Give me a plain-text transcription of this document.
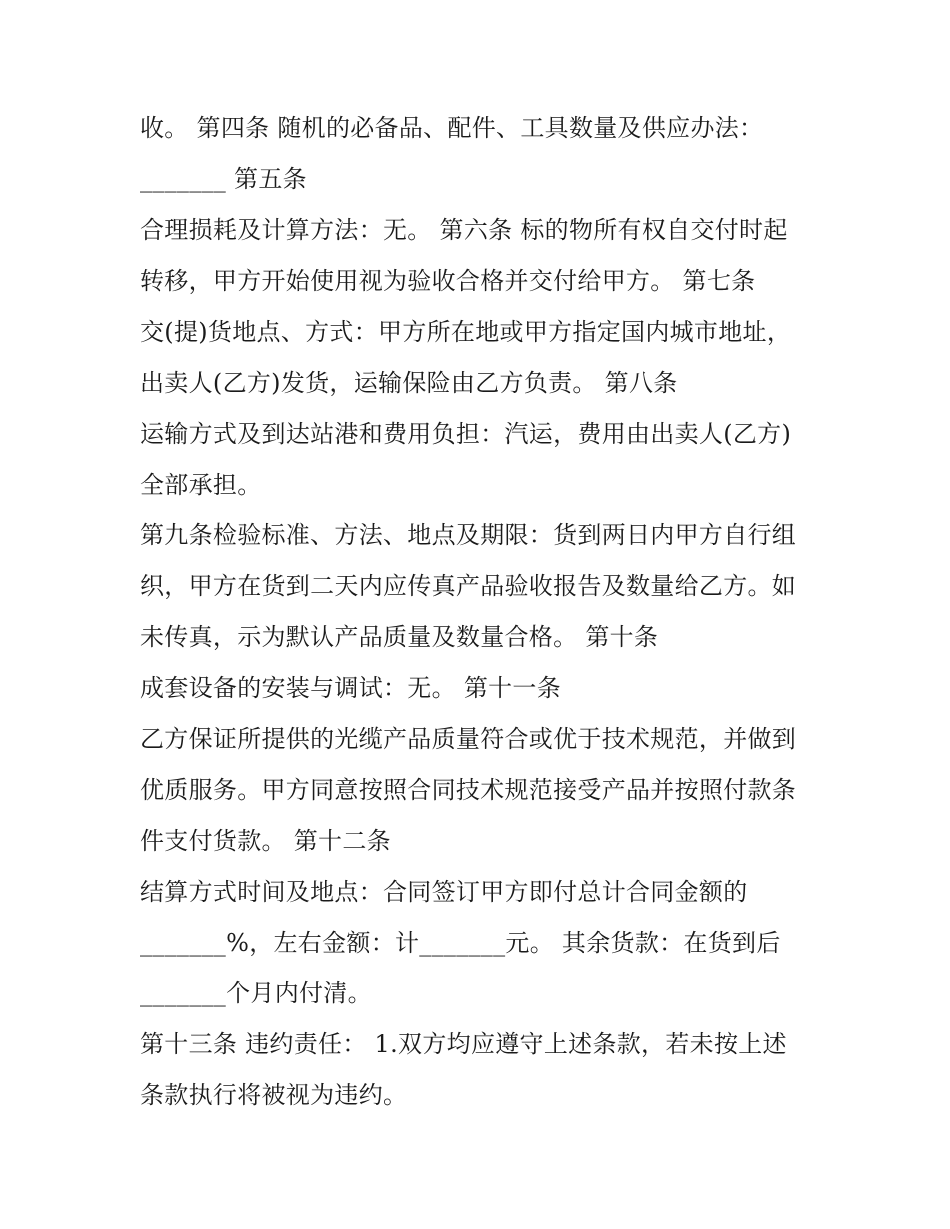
收。 第四条 随机的必备品、配件、工具数量及供应办法：
_______ 第五条
合理损耗及计算方法：无。 第六条 标的物所有权自交付时起
转移，甲方开始使用视为验收合格并交付给甲方。 第七条
交(提)货地点、方式：甲方所在地或甲方指定国内城市地址，
出卖人(乙方)发货，运输保险由乙方负责。 第八条
运输方式及到达站港和费用负担：汽运，费用由出卖人(乙方)
全部承担。
第九条检验标准、方法、地点及期限：货到两日内甲方自行组
织，甲方在货到二天内应传真产品验收报告及数量给乙方。如
未传真，示为默认产品质量及数量合格。 第十条
成套设备的安装与调试：无。 第十一条
乙方保证所提供的光缆产品质量符合或优于技术规范，并做到
优质服务。甲方同意按照合同技术规范接受产品并按照付款条
件支付货款。 第十二条
结算方式时间及地点：合同签订甲方即付总计合同金额的
_______%，左右金额：计_______元。 其余货款：在货到后
_______个月内付清。
第十三条 违约责任： 1.双方均应遵守上述条款，若未按上述
条款执行将被视为违约。
